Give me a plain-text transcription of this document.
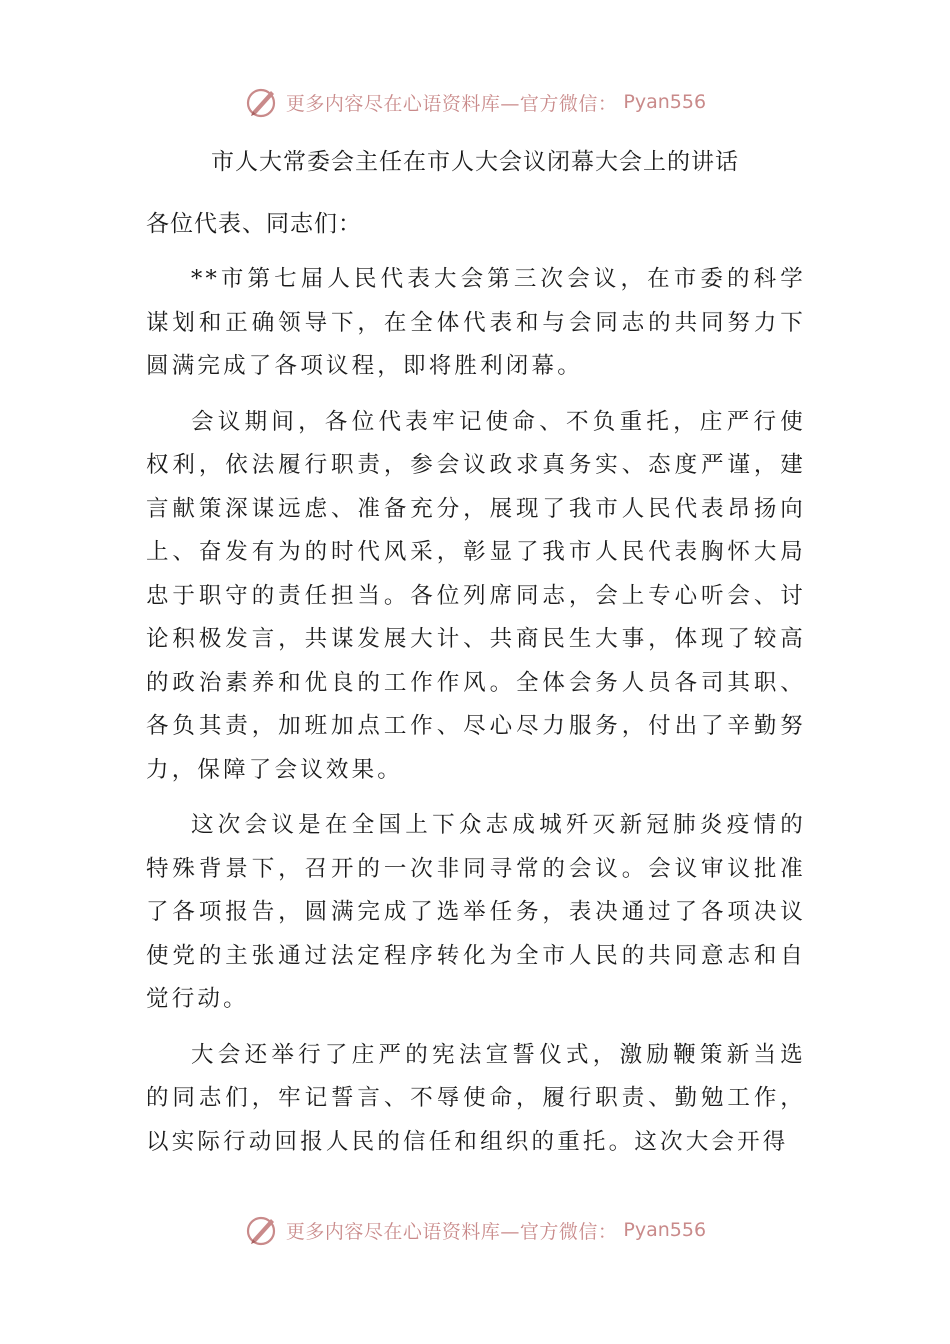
更多内容尽在心语资料库—官方微信： Pyan556
市人大常委会主任在市人大会议闭幕大会上的讲话

各位代表、同志们：

**市第七届人民代表大会第三次会议，在市委的科学谋划和正确领导下，在全体代表和与会同志的共同努力下圆满完成了各项议程，即将胜利闭幕。

会议期间，各位代表牢记使命、不负重托，庄严行使权利，依法履行职责，参会议政求真务实、态度严谨，建言献策深谋远虑、准备充分，展现了我市人民代表昂扬向上、奋发有为的时代风采，彰显了我市人民代表胸怀大局忠于职守的责任担当。各位列席同志，会上专心听会、讨论积极发言，共谋发展大计、共商民生大事，体现了较高的政治素养和优良的工作作风。全体会务人员各司其职、各负其责，加班加点工作、尽心尽力服务，付出了辛勤努力，保障了会议效果。

这次会议是在全国上下众志成城歼灭新冠肺炎疫情的特殊背景下，召开的一次非同寻常的会议。会议审议批准了各项报告，圆满完成了选举任务，表决通过了各项决议使党的主张通过法定程序转化为全市人民的共同意志和自觉行动。

大会还举行了庄严的宪法宣誓仪式，激励鞭策新当选的同志们，牢记誓言、不辱使命，履行职责、勤勉工作，以实际行动回报人民的信任和组织的重托。这次大会开得

更多内容尽在心语资料库—官方微信： Pyan556
